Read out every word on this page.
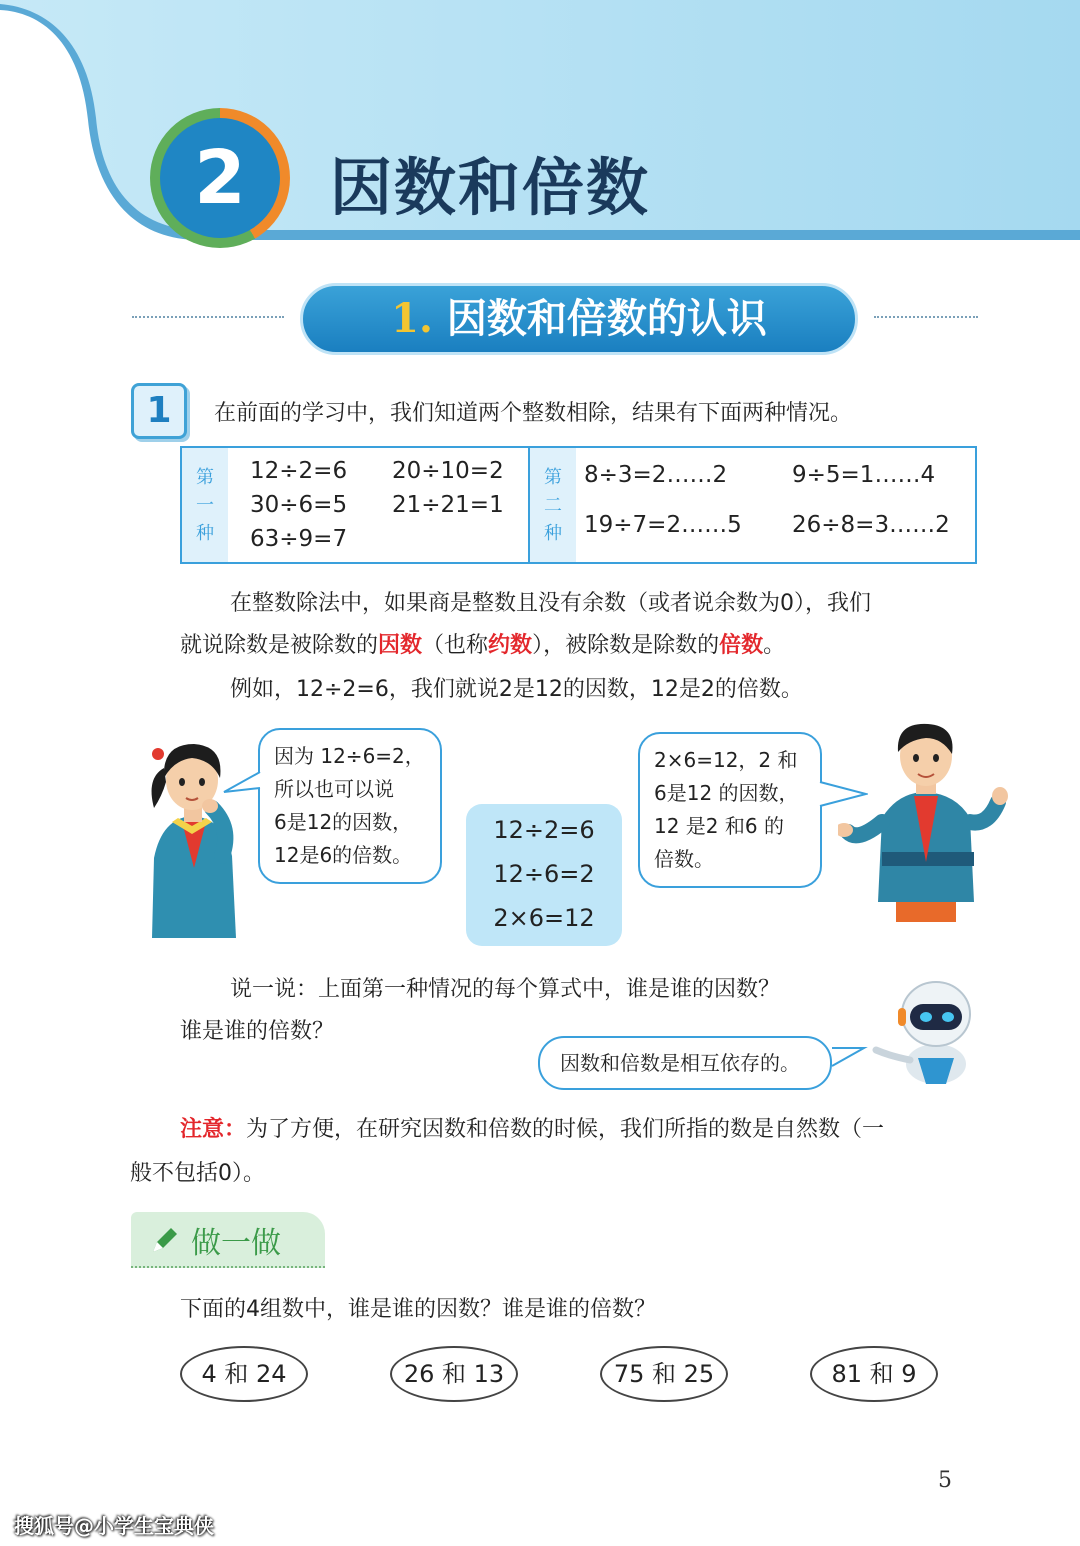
2	因数和倍数
1. 因数和倍数的认识
1	在前面的学习中，我们知道两个整数相除，结果有下面两种情况。
第
一
种
12÷2=6 20÷10=2
30÷6=5 21÷21=1
63÷9=7
第
二
种
8÷3=2……2	9÷5=1……4
19÷7=2……5 26÷8=3……2
在整数除法中，如果商是整数且没有余数（或者说余数为0），我们
就说除数是被除数的因数（也称约数），被除数是除数的倍数。
例如，12÷2=6，我们就说2是12的因数，12是2的倍数。
因为 12÷6=2，
所以也可以说
6是12的因数，
12是6的倍数。
12÷2=6
12÷6=2
2×6=12
2×6=12，2 和
6是12 的因数，
12 是2 和6 的
倍数。
说一说：上面第一种情况的每个算式中，谁是谁的因数？
谁是谁的倍数？
因数和倍数是相互依存的。
注意：为了方便，在研究因数和倍数的时候，我们所指的数是自然数（一
般不包括0）。
做一做
下面的4组数中，谁是谁的因数？谁是谁的倍数？
4 和 24	26 和 13	75 和 25	81 和 9
5
搜狐号@小学生宝典侠
